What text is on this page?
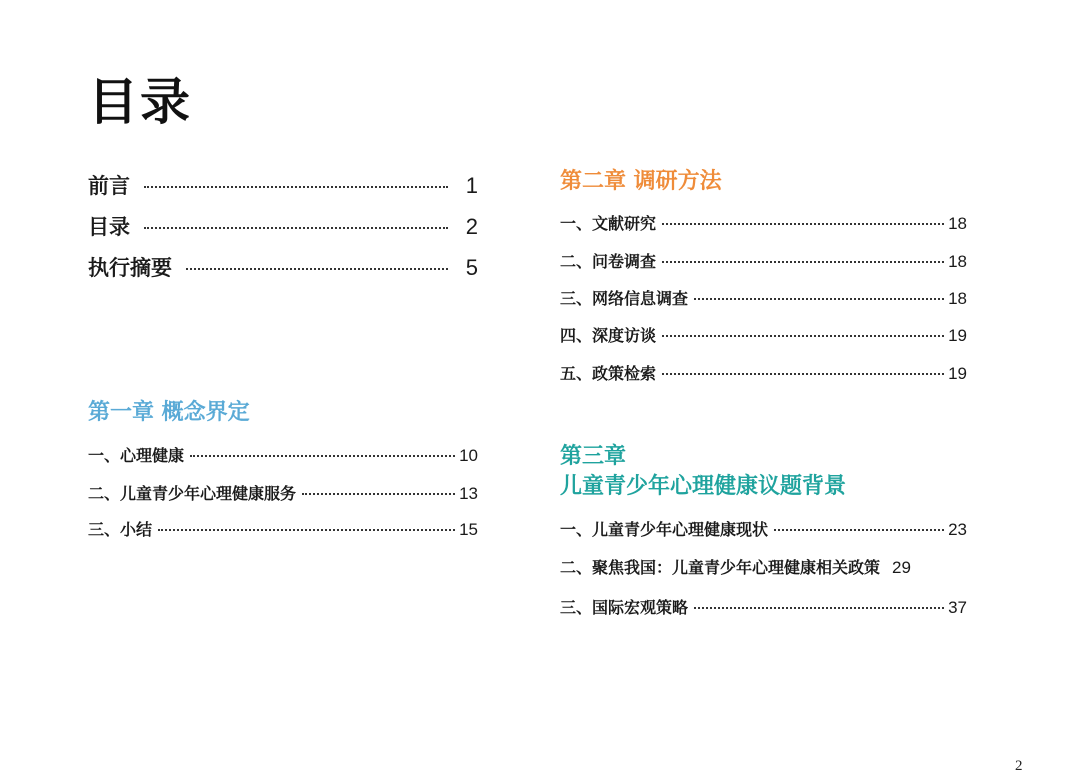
目录
前言	1
目录	2
执行摘要	5
第一章 概念界定
一、心理健康	10
二、儿童青少年心理健康服务	13
三、小结	15
第二章 调研方法
一、文献研究	18
二、问卷调查	18
三、网络信息调查	18
四、深度访谈	19
五、政策检索	19
第三章
儿童青少年心理健康议题背景
一、儿童青少年心理健康现状	23
二、聚焦我国：儿童青少年心理健康相关政策 29
三、国际宏观策略	37
2
